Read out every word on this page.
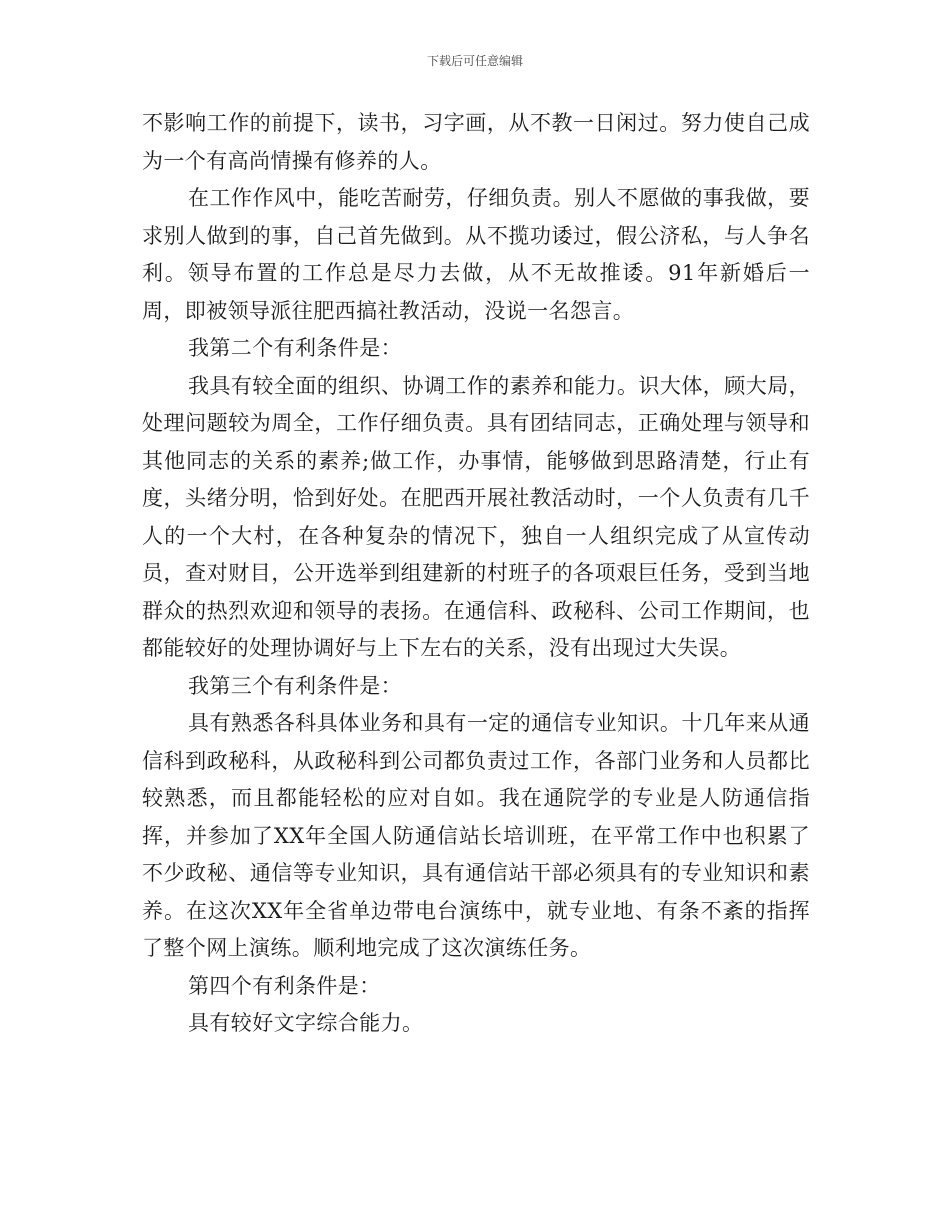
下载后可任意编辑

不影响工作的前提下，读书，习字画，从不教一日闲过。努力使自己成为一个有高尚情操有修养的人。

在工作作风中，能吃苦耐劳，仔细负责。别人不愿做的事我做，要求别人做到的事，自己首先做到。从不揽功诿过，假公济私，与人争名利。领导布置的工作总是尽力去做，从不无故推诿。91年新婚后一周，即被领导派往肥西搞社教活动，没说一名怨言。

我第二个有利条件是：

我具有较全面的组织、协调工作的素养和能力。识大体，顾大局，处理问题较为周全，工作仔细负责。具有团结同志，正确处理与领导和其他同志的关系的素养;做工作，办事情，能够做到思路清楚，行止有度，头绪分明，恰到好处。在肥西开展社教活动时，一个人负责有几千人的一个大村，在各种复杂的情况下，独自一人组织完成了从宣传动员，查对财目，公开选举到组建新的村班子的各项艰巨任务，受到当地群众的热烈欢迎和领导的表扬。在通信科、政秘科、公司工作期间，也都能较好的处理协调好与上下左右的关系，没有出现过大失误。

我第三个有利条件是：

具有熟悉各科具体业务和具有一定的通信专业知识。十几年来从通信科到政秘科，从政秘科到公司都负责过工作，各部门业务和人员都比较熟悉，而且都能轻松的应对自如。我在通院学的专业是人防通信指挥，并参加了XX年全国人防通信站长培训班，在平常工作中也积累了不少政秘、通信等专业知识，具有通信站干部必须具有的专业知识和素养。在这次XX年全省单边带电台演练中，就专业地、有条不紊的指挥了整个网上演练。顺利地完成了这次演练任务。

第四个有利条件是：

具有较好文字综合能力。
